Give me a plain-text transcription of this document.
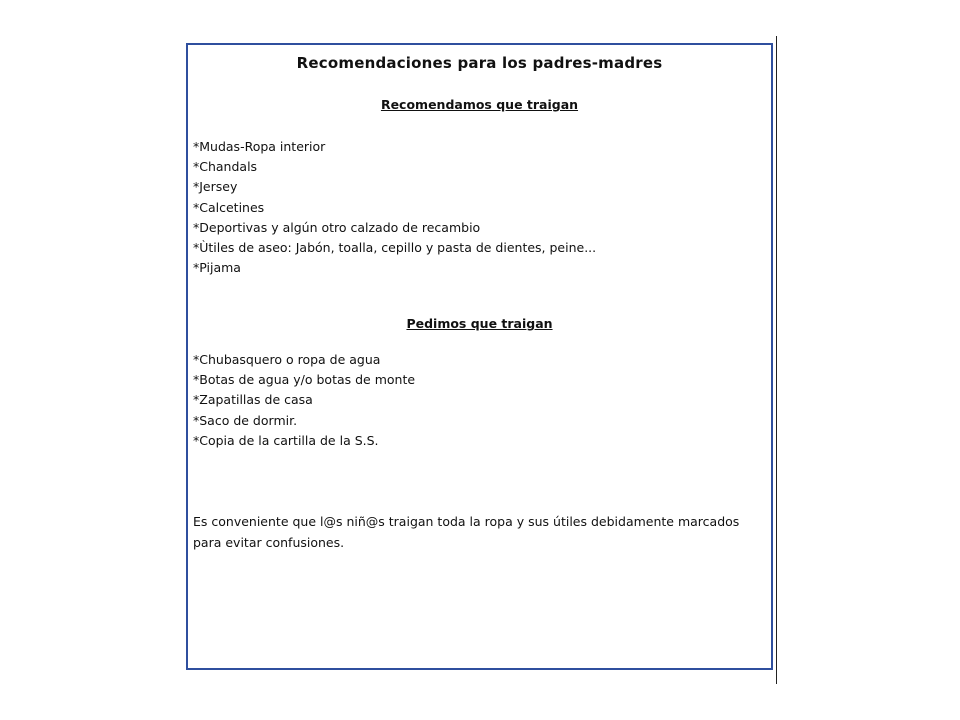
Recomendaciones para los padres-madres
Recomendamos que traigan
*Mudas-Ropa interior
*Chandals
*Jersey
*Calcetines
*Deportivas y algún otro calzado de recambio
*Ùtiles de aseo: Jabón, toalla, cepillo y pasta de dientes, peine...
*Pijama
Pedimos que traigan
*Chubasquero o ropa de agua
*Botas de agua y/o botas de monte
*Zapatillas de casa
*Saco de dormir.
*Copia de la cartilla de la S.S.
Es conveniente que l@s niñ@s traigan toda la ropa y sus útiles debidamente marcados
para evitar confusiones.
